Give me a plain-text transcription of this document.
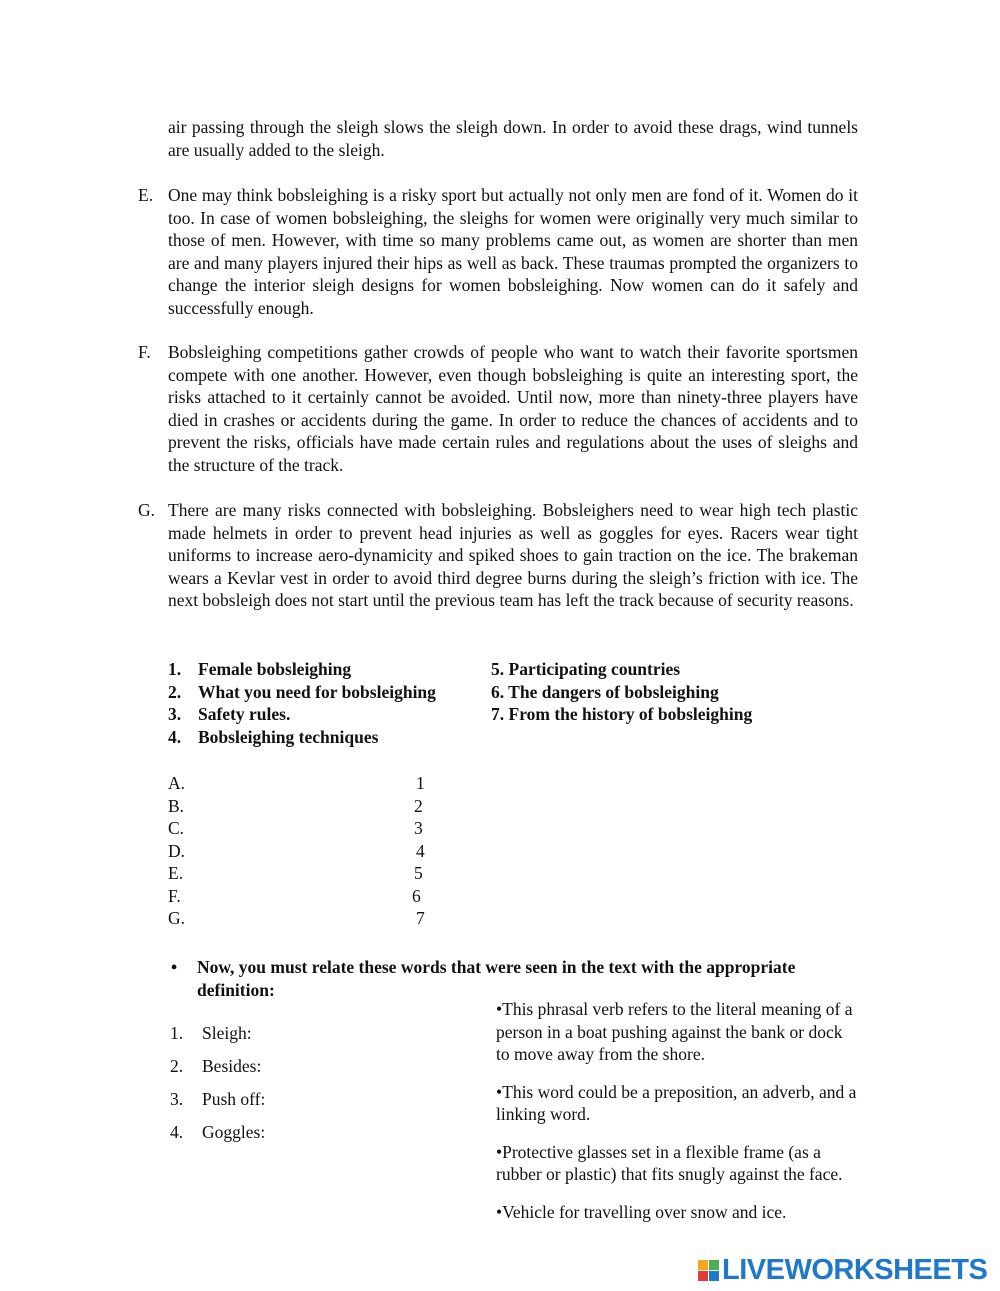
air passing through the sleigh slows the sleigh down. In order to avoid these drags, wind tunnels are usually added to the sleigh.
E. One may think bobsleighing is a risky sport but actually not only men are fond of it. Women do it too. In case of women bobsleighing, the sleighs for women were originally very much similar to those of men. However, with time so many problems came out, as women are shorter than men are and many players injured their hips as well as back. These traumas prompted the organizers to change the interior sleigh designs for women bobsleighing. Now women can do it safely and successfully enough.
F. Bobsleighing competitions gather crowds of people who want to watch their favorite sportsmen compete with one another. However, even though bobsleighing is quite an interesting sport, the risks attached to it certainly cannot be avoided. Until now, more than ninety-three players have died in crashes or accidents during the game. In order to reduce the chances of accidents and to prevent the risks, officials have made certain rules and regulations about the uses of sleighs and the structure of the track.
G. There are many risks connected with bobsleighing. Bobsleighers need to wear high tech plastic made helmets in order to prevent head injuries as well as goggles for eyes. Racers wear tight uniforms to increase aero-dynamicity and spiked shoes to gain traction on the ice. The brakeman wears a Kevlar vest in order to avoid third degree burns during the sleigh’s friction with ice. The next bobsleigh does not start until the previous team has left the track because of security reasons.
1. Female bobsleighing
2. What you need for bobsleighing
3. Safety rules.
4. Bobsleighing techniques
5. Participating countries
6. The dangers of bobsleighing
7. From the history of bobsleighing
A.	1
B.	2
C.	3
D.	4
E.	5
F.	6
G.	7
• Now, you must relate these words that were seen in the text with the appropriate definition:
1. Sleigh:
2. Besides:
3. Push off:
4. Goggles:
•This phrasal verb refers to the literal meaning of a person in a boat pushing against the bank or dock to move away from the shore.
•This word could be a preposition, an adverb, and a linking word.
•Protective glasses set in a flexible frame (as a rubber or plastic) that fits snugly against the face.
•Vehicle for travelling over snow and ice.
LIVEWORKSHEETS
